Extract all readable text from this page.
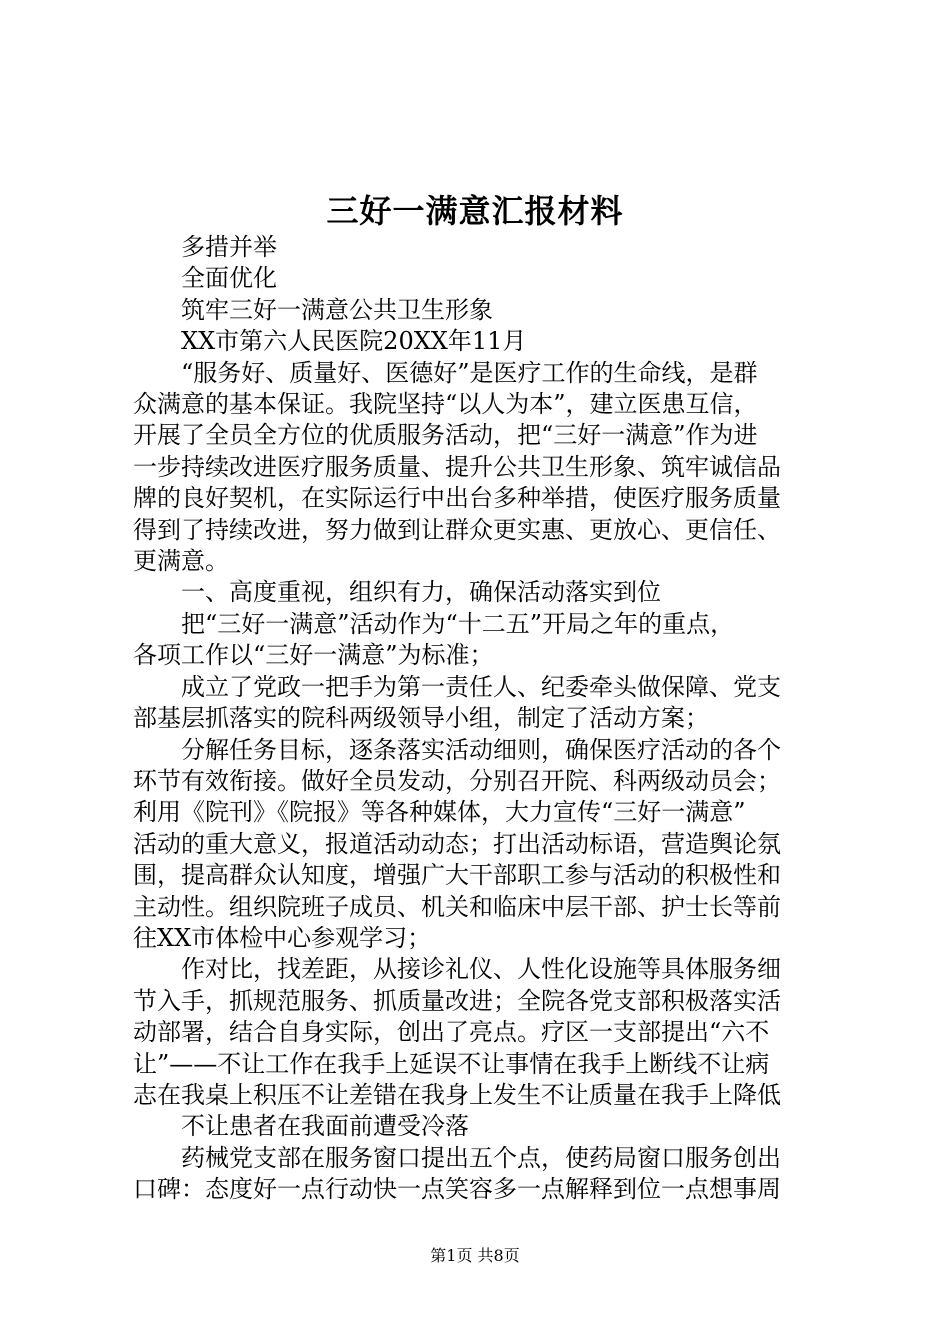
三好一满意汇报材料
多措并举
全面优化
筑牢三好一满意公共卫生形象
XX市第六人民医院20XX年11月
“服务好、质量好、医德好”是医疗工作的生命线，是群
众满意的基本保证。我院坚持“以人为本”，建立医患互信，
开展了全员全方位的优质服务活动，把“三好一满意”作为进
一步持续改进医疗服务质量、提升公共卫生形象、筑牢诚信品
牌的良好契机，在实际运行中出台多种举措，使医疗服务质量
得到了持续改进，努力做到让群众更实惠、更放心、更信任、
更满意。
一、高度重视，组织有力，确保活动落实到位
把“三好一满意”活动作为“十二五”开局之年的重点，
各项工作以“三好一满意”为标准；
成立了党政一把手为第一责任人、纪委牵头做保障、党支
部基层抓落实的院科两级领导小组，制定了活动方案；
分解任务目标，逐条落实活动细则，确保医疗活动的各个
环节有效衔接。做好全员发动，分别召开院、科两级动员会；
利用《院刊》《院报》等各种媒体，大力宣传“三好一满意”
活动的重大意义，报道活动动态；打出活动标语，营造舆论氛
围，提高群众认知度，增强广大干部职工参与活动的积极性和
主动性。组织院班子成员、机关和临床中层干部、护士长等前
往XX市体检中心参观学习；
作对比，找差距，从接诊礼仪、人性化设施等具体服务细
节入手，抓规范服务、抓质量改进；全院各党支部积极落实活
动部署，结合自身实际，创出了亮点。疗区一支部提出“六不
让”——不让工作在我手上延误不让事情在我手上断线不让病
志在我桌上积压不让差错在我身上发生不让质量在我手上降低
不让患者在我面前遭受冷落
药械党支部在服务窗口提出五个点，使药局窗口服务创出
口碑：态度好一点行动快一点笑容多一点解释到位一点想事周
第1页 共8页
